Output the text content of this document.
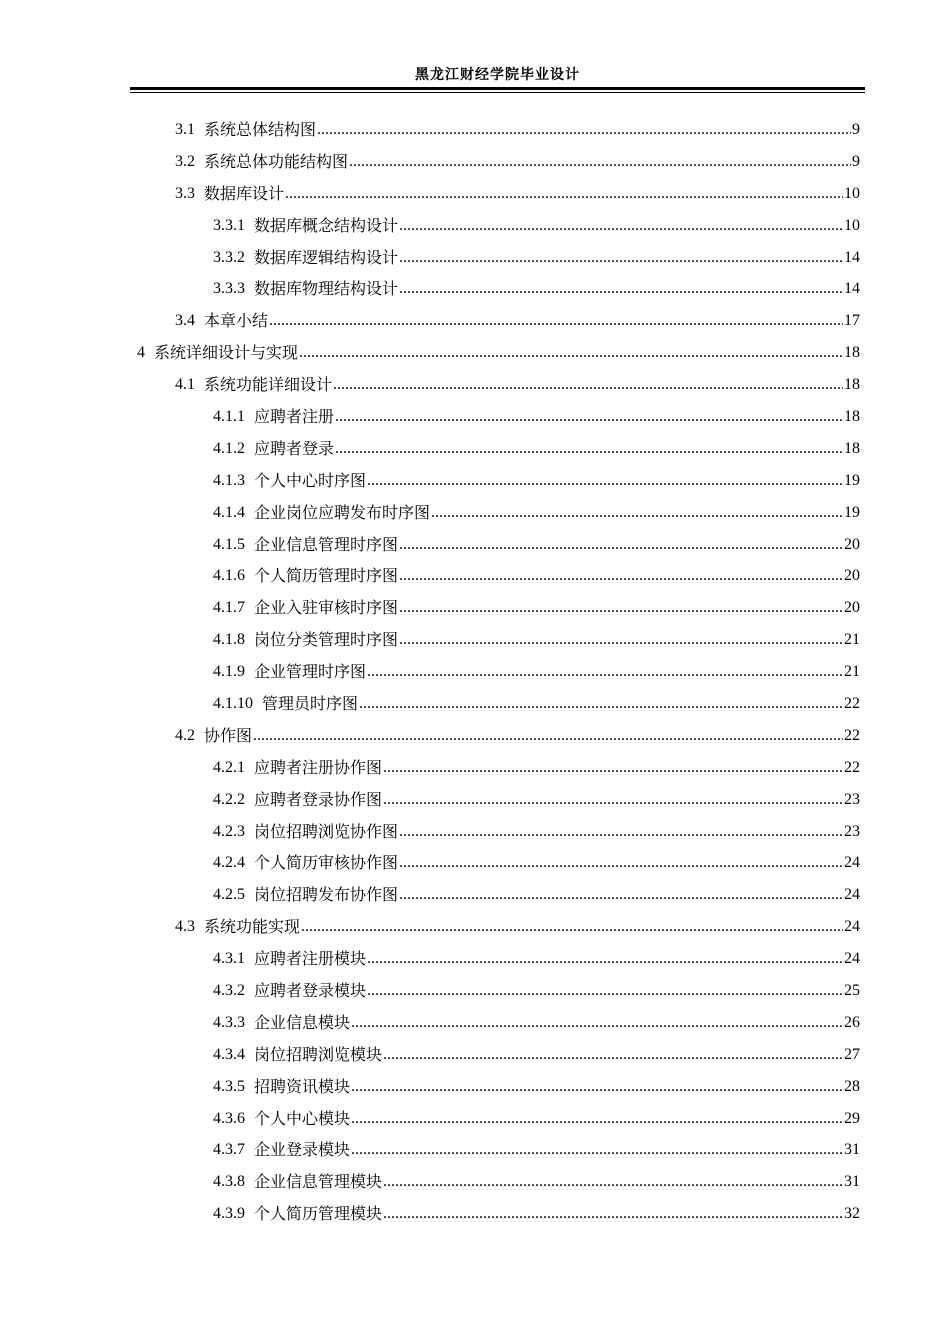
黑龙江财经学院毕业设计
3.1 系统总体结构图 .....	9
3.2 系统总体功能结构图 .....	9
3.3 数据库设计 .....	10
3.3.1 数据库概念结构设计 .....	10
3.3.2 数据库逻辑结构设计 .....	14
3.3.3 数据库物理结构设计 .....	14
3.4 本章小结 .....	17
4 系统详细设计与实现 .....	18
4.1 系统功能详细设计 .....	18
4.1.1 应聘者注册 .....	18
4.1.2 应聘者登录 .....	18
4.1.3 个人中心时序图 .....	19
4.1.4 企业岗位应聘发布时序图 .....	19
4.1.5 企业信息管理时序图 .....	20
4.1.6 个人简历管理时序图 .....	20
4.1.7 企业入驻审核时序图 .....	20
4.1.8 岗位分类管理时序图 .....	21
4.1.9 企业管理时序图 .....	21
4.1.10 管理员时序图 .....	22
4.2 协作图 .....	22
4.2.1 应聘者注册协作图 .....	22
4.2.2 应聘者登录协作图 .....	23
4.2.3 岗位招聘浏览协作图 .....	23
4.2.4 个人简历审核协作图 .....	24
4.2.5 岗位招聘发布协作图 .....	24
4.3 系统功能实现 .....	24
4.3.1 应聘者注册模块 .....	24
4.3.2 应聘者登录模块 .....	25
4.3.3 企业信息模块 .....	26
4.3.4 岗位招聘浏览模块 .....	27
4.3.5 招聘资讯模块 .....	28
4.3.6 个人中心模块 .....	29
4.3.7 企业登录模块 .....	31
4.3.8 企业信息管理模块 .....	31
4.3.9 个人简历管理模块 .....	32
